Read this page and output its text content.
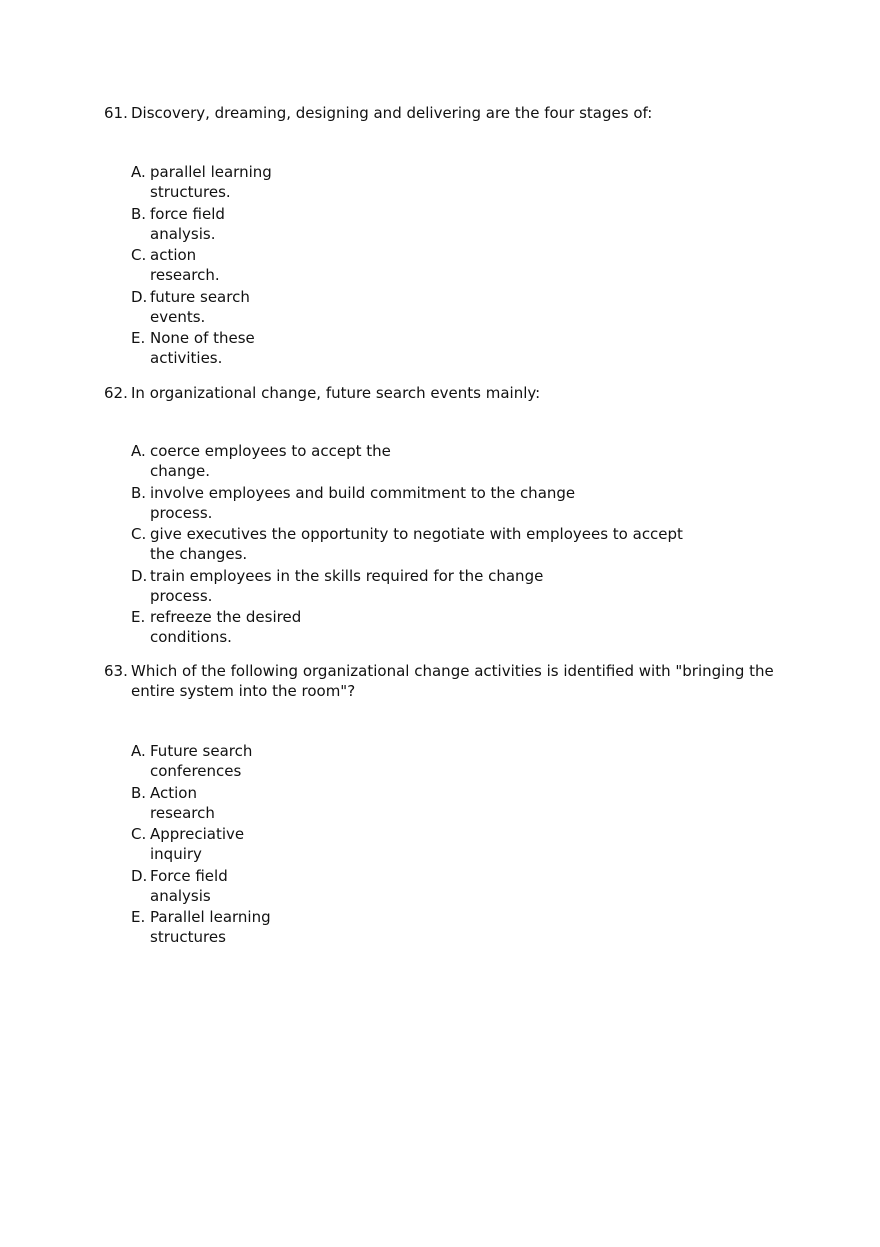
61. Discovery, dreaming, designing and delivering are the four stages of:
A. parallel learning
structures.
B. force field
analysis.
C. action
research.
D. future search
events.
E. None of these
activities.
62. In organizational change, future search events mainly:
A. coerce employees to accept the
change.
B. involve employees and build commitment to the change
process.
C. give executives the opportunity to negotiate with employees to accept
the changes.
D. train employees in the skills required for the change
process.
E. refreeze the desired
conditions.
63. Which of the following organizational change activities is identified with "bringing the
entire system into the room"?
A. Future search
conferences
B. Action
research
C. Appreciative
inquiry
D. Force field
analysis
E. Parallel learning
structures
